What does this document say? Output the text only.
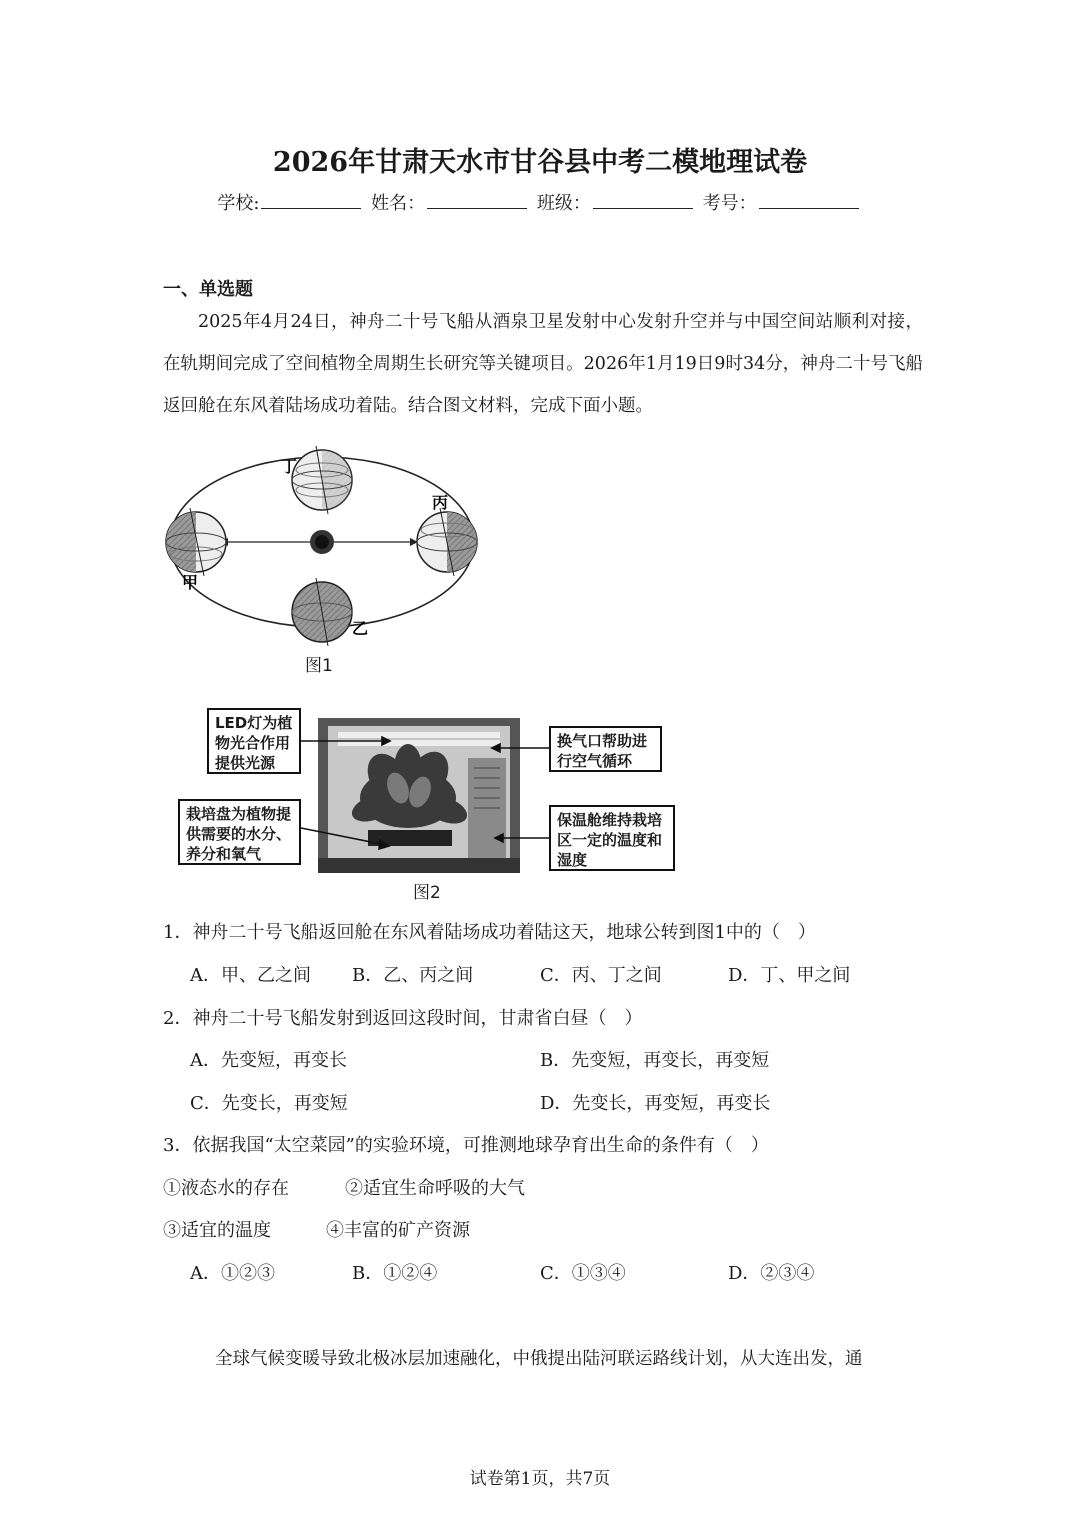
2026年甘肃天水市甘谷县中考二模地理试卷
学校:	姓名：	班级：	考号：
一、单选题
2025年4月24日，神舟二十号飞船从酒泉卫星发射中心发射升空并与中国空间站顺利对接，在轨期间完成了空间植物全周期生长研究等关键项目。2026年1月19日9时34分，神舟二十号飞船返回舱在东风着陆场成功着陆。结合图文材料，完成下面小题。
丁
丙
甲
乙
图1
LED灯为植物光合作用提供光源
换气口帮助进行空气循环
栽培盘为植物提供需要的水分、养分和氧气
保温舱维持栽培区一定的温度和湿度
图2
1．神舟二十号飞船返回舱在东风着陆场成功着陆这天，地球公转到图1中的（　）
A．甲、乙之间 B．乙、丙之间	C．丙、丁之间	D．丁、甲之间
2．神舟二十号飞船发射到返回这段时间，甘肃省白昼（　）
A．先变短，再变长	B．先变短，再变长，再变短
C．先变长，再变短	D．先变长，再变短，再变长
3．依据我国“太空菜园”的实验环境，可推测地球孕育出生命的条件有（　）
①液态水的存在	②适宜生命呼吸的大气
③适宜的温度	④丰富的矿产资源
A．①②③	B．①②④	C．①③④	D．②③④
全球气候变暖导致北极冰层加速融化，中俄提出陆河联运路线计划，从大连出发，通
试卷第1页，共7页
